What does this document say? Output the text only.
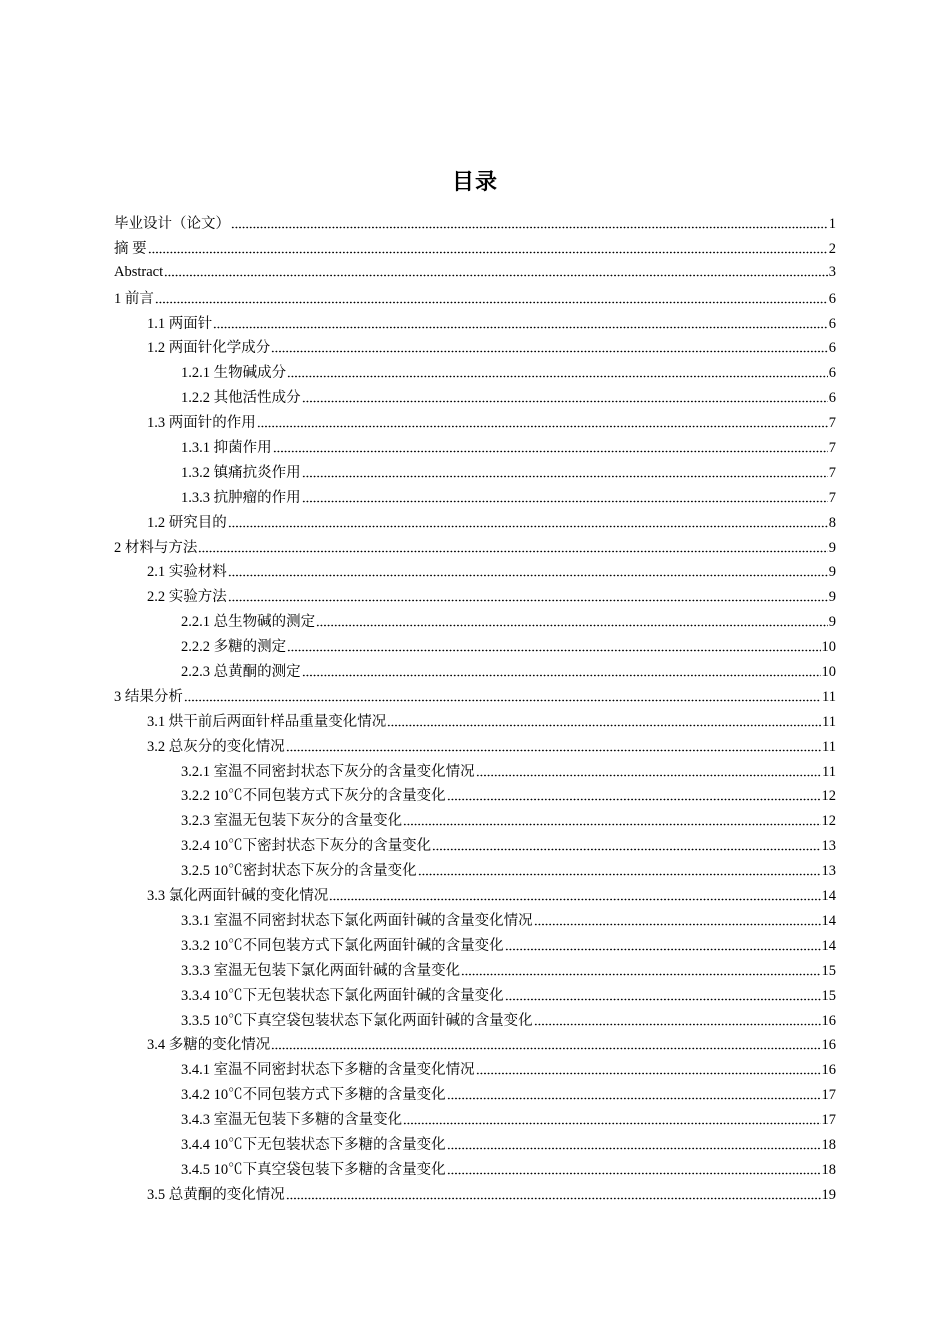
目录
毕业设计（论文）	1
摘 要	2
Abstract	3
1 前言	6
1.1 两面针	6
1.2 两面针化学成分	6
1.2.1 生物碱成分	6
1.2.2 其他活性成分	6
1.3 两面针的作用	7
1.3.1 抑菌作用	7
1.3.2 镇痛抗炎作用	7
1.3.3 抗肿瘤的作用	7
1.2 研究目的	8
2 材料与方法	9
2.1 实验材料	9
2.2 实验方法	9
2.2.1 总生物碱的测定	9
2.2.2 多糖的测定	10
2.2.3 总黄酮的测定	10
3 结果分析	11
3.1 烘干前后两面针样品重量变化情况	11
3.2 总灰分的变化情况	11
3.2.1 室温不同密封状态下灰分的含量变化情况	11
3.2.2 10℃不同包装方式下灰分的含量变化	12
3.2.3 室温无包装下灰分的含量变化	12
3.2.4 10℃下密封状态下灰分的含量变化	13
3.2.5 10℃密封状态下灰分的含量变化	13
3.3 氯化两面针碱的变化情况	14
3.3.1 室温不同密封状态下氯化两面针碱的含量变化情况	14
3.3.2 10℃不同包装方式下氯化两面针碱的含量变化	14
3.3.3 室温无包装下氯化两面针碱的含量变化	15
3.3.4 10℃下无包装状态下氯化两面针碱的含量变化	15
3.3.5 10℃下真空袋包装状态下氯化两面针碱的含量变化	16
3.4 多糖的变化情况	16
3.4.1 室温不同密封状态下多糖的含量变化情况	16
3.4.2 10℃不同包装方式下多糖的含量变化	17
3.4.3 室温无包装下多糖的含量变化	17
3.4.4 10℃下无包装状态下多糖的含量变化	18
3.4.5 10℃下真空袋包装下多糖的含量变化	18
3.5 总黄酮的变化情况	19
